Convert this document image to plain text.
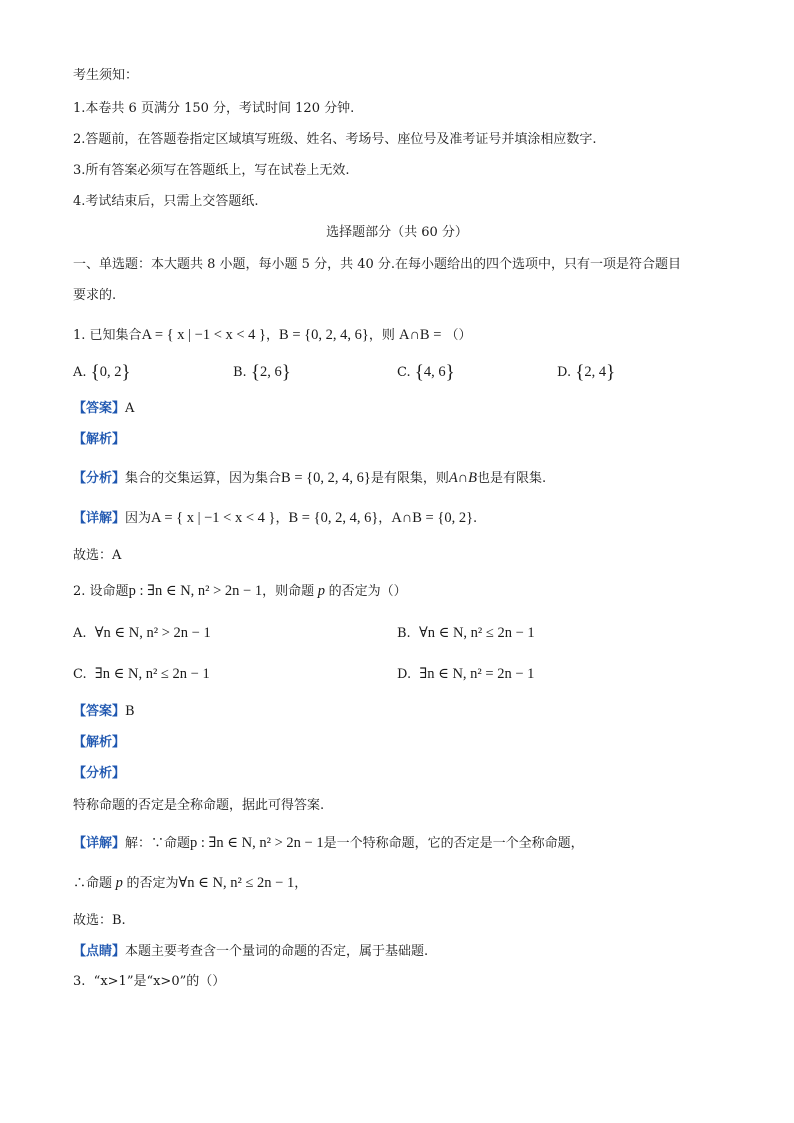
考生须知：
1.本卷共 6 页满分 150 分，考试时间 120 分钟.
2.答题前，在答题卷指定区域填写班级、姓名、考场号、座位号及准考证号并填涂相应数字.
3.所有答案必须写在答题纸上，写在试卷上无效.
4.考试结束后，只需上交答题纸.
选择题部分（共 60 分）
一、单选题：本大题共 8 小题，每小题 5 分，共 40 分.在每小题给出的四个选项中，只有一项是符合题目
要求的.
1. 已知集合A = { x | −1 < x < 4 }，B = {0, 2, 4, 6}，则 A∩B = （）
A. {0, 2}	B. {2, 6}	C. {4, 6}	D. {2, 4}
【答案】A
【解析】
【分析】集合的交集运算，因为集合B = {0, 2, 4, 6}是有限集，则A∩B也是有限集.
【详解】因为A = { x | −1 < x < 4 }，B = {0, 2, 4, 6}，A∩B = {0, 2}.
故选：A
2. 设命题p : ∃n ∈ N, n² > 2n − 1，则命题 p 的否定为（）
A. ∀n ∈ N, n² > 2n − 1	B. ∀n ∈ N, n² ≤ 2n − 1
C. ∃n ∈ N, n² ≤ 2n − 1	D. ∃n ∈ N, n² = 2n − 1
【答案】B
【解析】
【分析】
特称命题的否定是全称命题，据此可得答案.
【详解】解：∵命题p : ∃n ∈ N, n² > 2n − 1是一个特称命题，它的否定是一个全称命题，
∴命题 p 的否定为∀n ∈ N, n² ≤ 2n − 1，
故选：B.
【点睛】本题主要考查含一个量词的命题的否定，属于基础题.
3. “x>1”是“x>0”的（）
